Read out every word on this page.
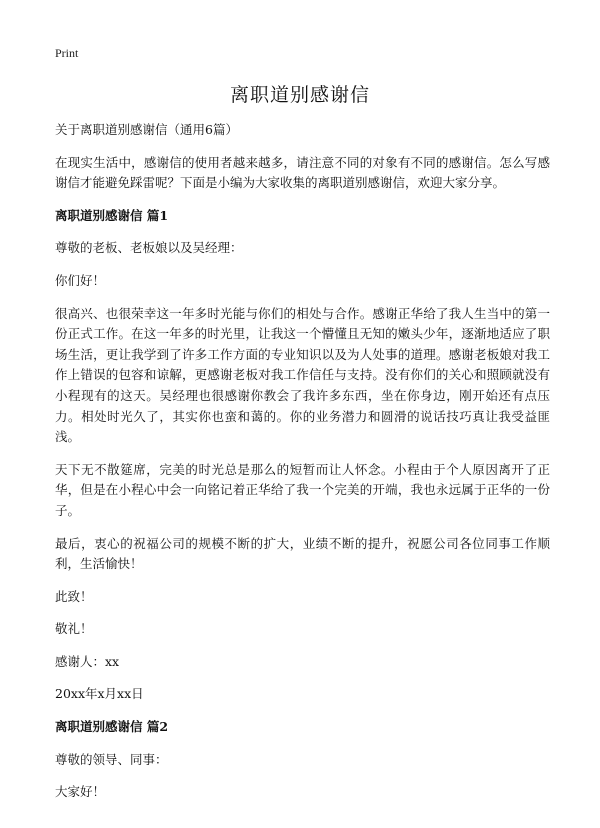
Print
离职道别感谢信

关于离职道别感谢信（通用6篇）

在现实生活中，感谢信的使用者越来越多，请注意不同的对象有不同的感谢信。怎么写感谢信才能避免踩雷呢？下面是小编为大家收集的离职道别感谢信，欢迎大家分享。

离职道别感谢信 篇1

尊敬的老板、老板娘以及吴经理：

你们好！

很高兴、也很荣幸这一年多时光能与你们的相处与合作。感谢正华给了我人生当中的第一份正式工作。在这一年多的时光里，让我这一个懵懂且无知的嫩头少年，逐渐地适应了职场生活，更让我学到了许多工作方面的专业知识以及为人处事的道理。感谢老板娘对我工作上错误的包容和谅解，更感谢老板对我工作信任与支持。没有你们的关心和照顾就没有小程现有的这天。吴经理也很感谢你教会了我许多东西，坐在你身边，刚开始还有点压力。相处时光久了，其实你也蛮和蔼的。你的业务潜力和圆滑的说话技巧真让我受益匪浅。

天下无不散筵席，完美的时光总是那么的短暂而让人怀念。小程由于个人原因离开了正华，但是在小程心中会一向铭记着正华给了我一个完美的开端，我也永远属于正华的一份子。

最后，衷心的祝福公司的规模不断的扩大，业绩不断的提升，祝愿公司各位同事工作顺利，生活愉快！

此致！

敬礼！

感谢人：xx

20xx年x月xx日

离职道别感谢信 篇2

尊敬的领导、同事：

大家好！
